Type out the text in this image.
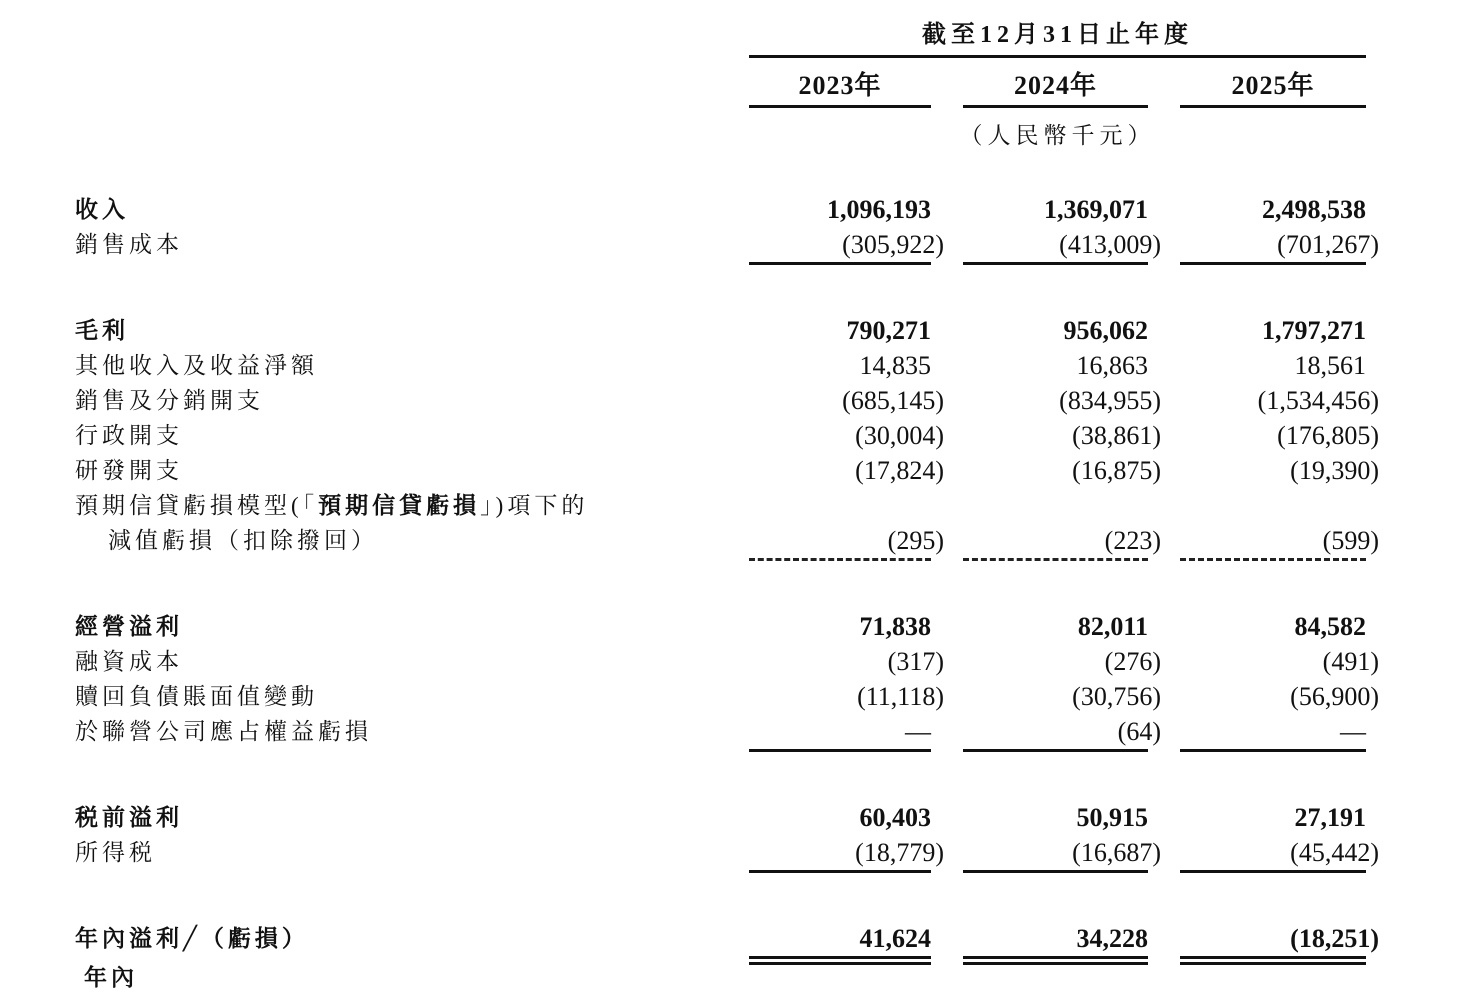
截至12月31日止年度
2023年	2024年	2025年
（人民幣千元）
收入	1,096,193	1,369,071	2,498,538
銷售成本	(305,922)	(413,009)	(701,267)
毛利	790,271	956,062	1,797,271
其他收入及收益淨額	14,835	16,863	18,561
銷售及分銷開支	(685,145)	(834,955)	(1,534,456)
行政開支	(30,004)	(38,861)	(176,805)
研發開支	(17,824)	(16,875)	(19,390)
預期信貸虧損模型(「預期信貸虧損」)項下的
減值虧損（扣除撥回）	(295)	(223)	(599)
經營溢利	71,838	82,011	84,582
融資成本	(317)	(276)	(491)
贖回負債賬面值變動	(11,118)	(30,756)	(56,900)
於聯營公司應占權益虧損	—	(64)	—
税前溢利	60,403	50,915	27,191
所得税	(18,779)	(16,687)	(45,442)
年內溢利╱（虧損）	41,624	34,228	(18,251)
年內
